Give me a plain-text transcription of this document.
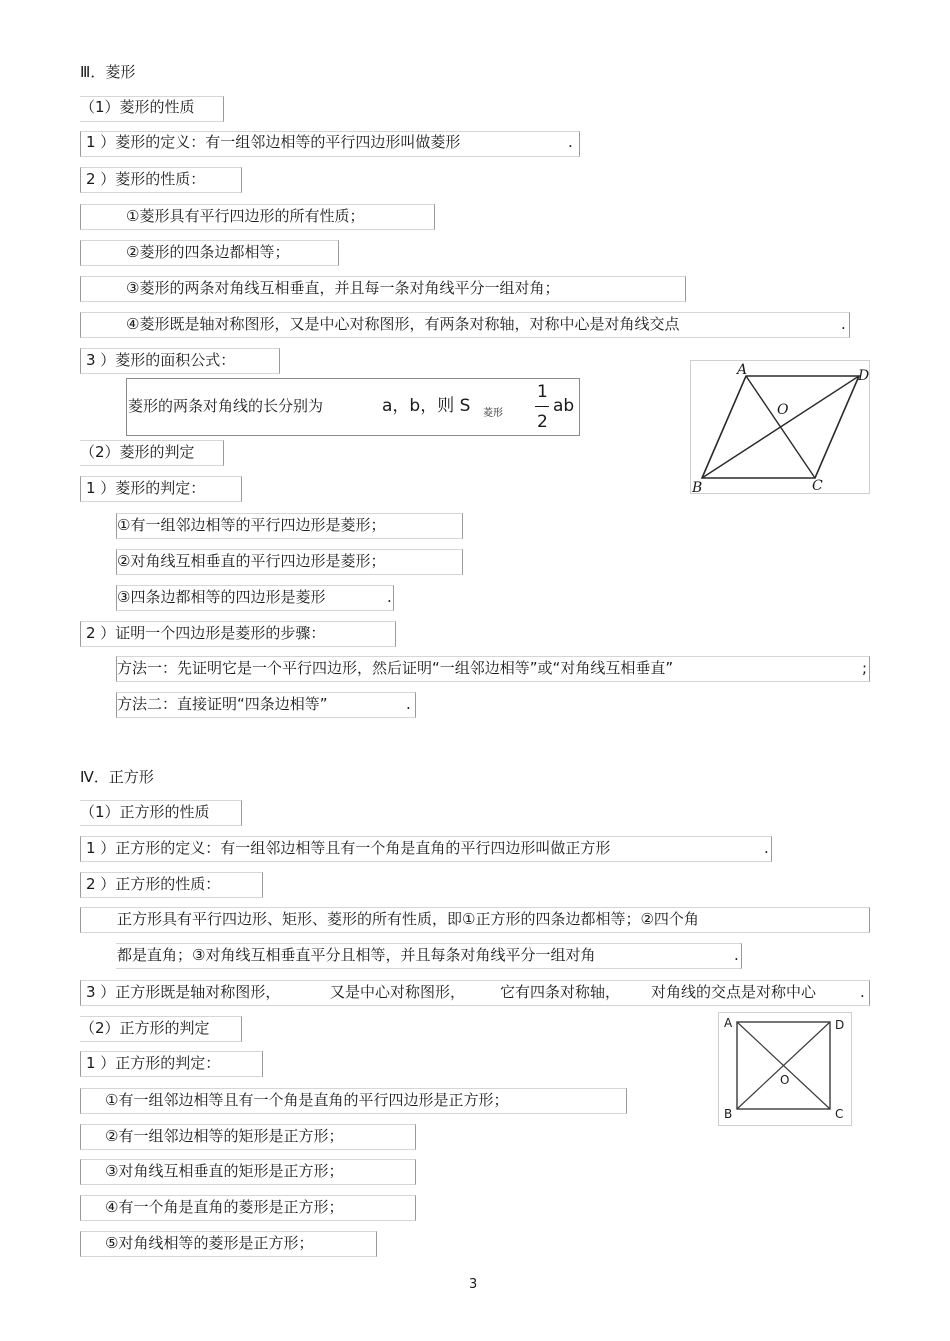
Ⅲ．菱形
（1）菱形的性质
1 ）菱形的定义：有一组邻边相等的平行四边形叫做菱形	.
2 ）菱形的性质：
①菱形具有平行四边形的所有性质；
②菱形的四条边都相等；
③菱形的两条对角线互相垂直，并且每一条对角线平分一组对角；
④菱形既是轴对称图形，又是中心对称图形，有两条对称轴，对称中心是对角线交点	.
3 ）菱形的面积公式：
菱形的两条对角线的长分别为	a，b，则 S 菱形
1
2
ab
（2）菱形的判定
1 ）菱形的判定：
①有一组邻边相等的平行四边形是菱形；
②对角线互相垂直的平行四边形是菱形；
③四条边都相等的四边形是菱形	.
2 ）证明一个四边形是菱形的步骤：
方法一：先证明它是一个平行四边形，然后证明“一组邻边相等”或“对角线互相垂直”	;
方法二：直接证明“四条边相等”	.
A	D
B	C
O
Ⅳ．正方形
（1）正方形的性质
1 ）正方形的定义：有一组邻边相等且有一个角是直角的平行四边形叫做正方形	.
2 ）正方形的性质：
正方形具有平行四边形、矩形、菱形的所有性质，即①正方形的四条边都相等；②四个角
都是直角；③对角线互相垂直平分且相等，并且每条对角线平分一组对角	.
3 ）正方形既是轴对称图形，	又是中心对称图形， 它有四条对称轴， 对角线的交点是对称中心	.
（2）正方形的判定
1 ）正方形的判定：
①有一组邻边相等且有一个角是直角的平行四边形是正方形；
②有一组邻边相等的矩形是正方形；
③对角线互相垂直的矩形是正方形；
④有一个角是直角的菱形是正方形；
⑤对角线相等的菱形是正方形；
A	D
B	C
O
3
